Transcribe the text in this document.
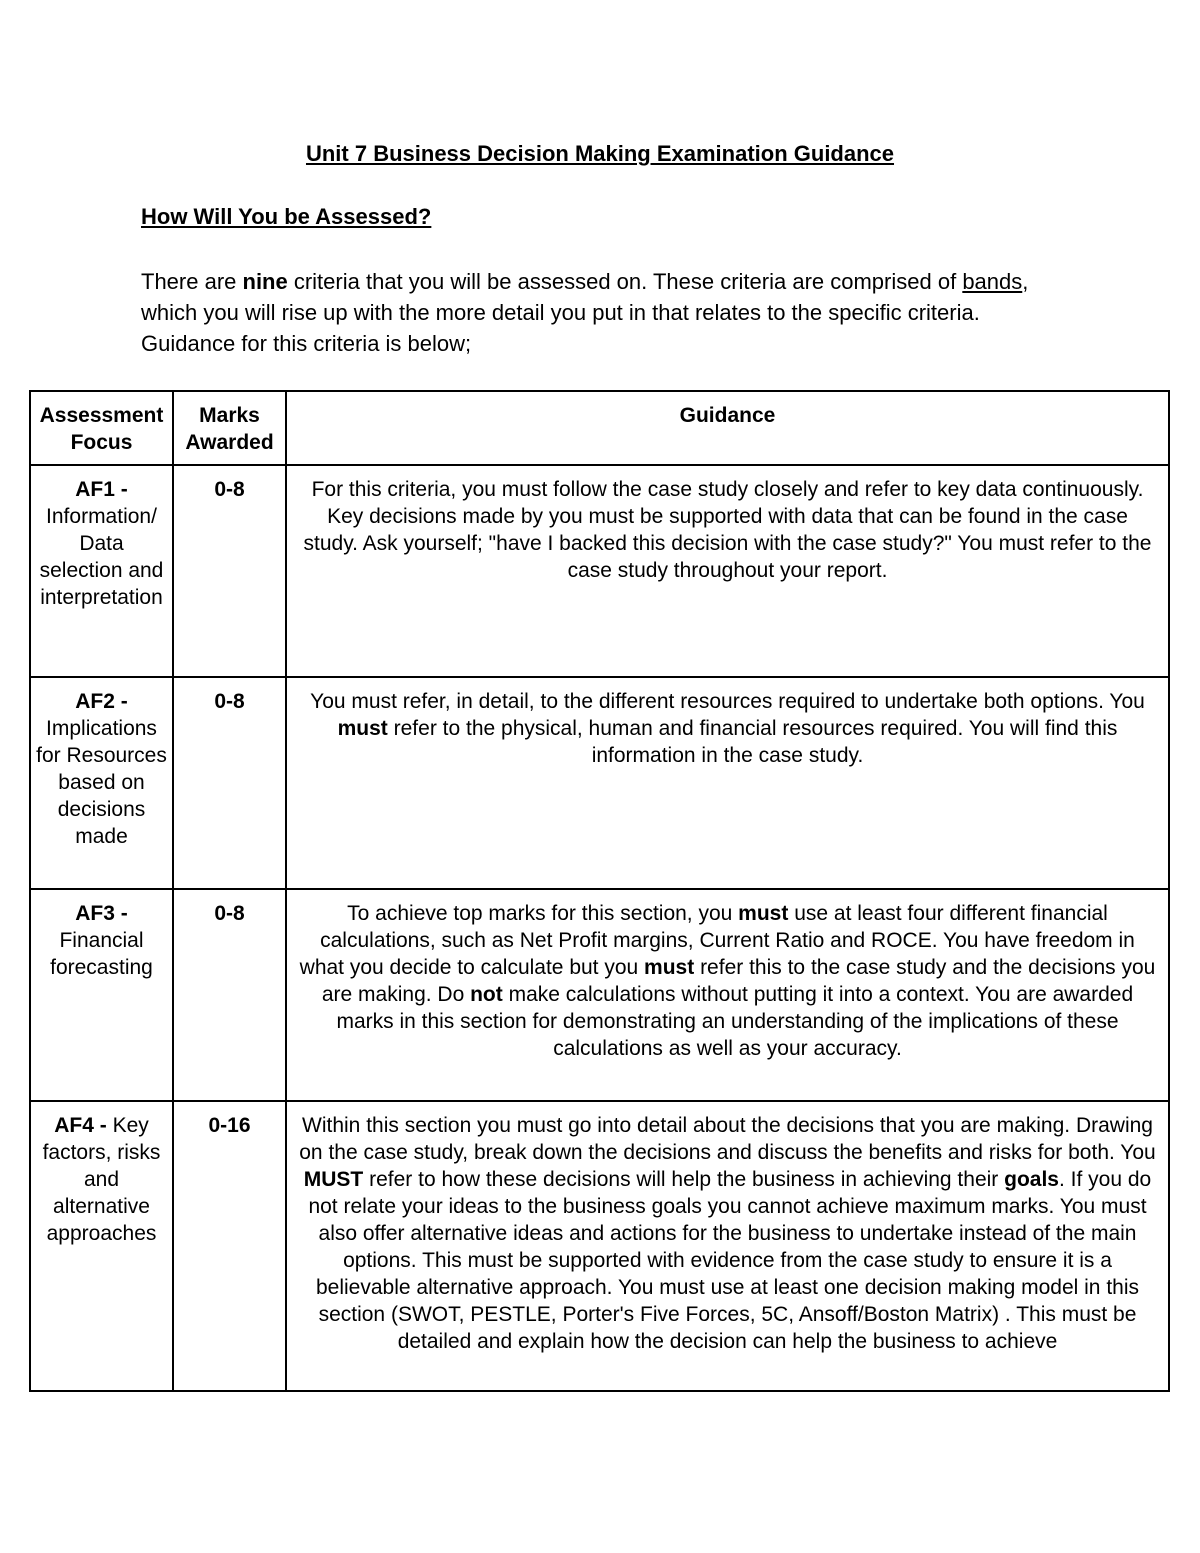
Unit 7 Business Decision Making Examination Guidance
How Will You be Assessed?

There are nine criteria that you will be assessed on. These criteria are comprised of bands, which you will rise up with the more detail you put in that relates to the specific criteria. Guidance for this criteria is below;

Assessment Focus	Marks Awarded	Guidance
AF1 - Information/ Data selection and interpretation	0-8	For this criteria, you must follow the case study closely and refer to key data continuously. Key decisions made by you must be supported with data that can be found in the case study. Ask yourself; "have I backed this decision with the case study?" You must refer to the case study throughout your report.
AF2 - Implications for Resources based on decisions made	0-8	You must refer, in detail, to the different resources required to undertake both options. You must refer to the physical, human and financial resources required. You will find this information in the case study.
AF3 - Financial forecasting	0-8	To achieve top marks for this section, you must use at least four different financial calculations, such as Net Profit margins, Current Ratio and ROCE. You have freedom in what you decide to calculate but you must refer this to the case study and the decisions you are making. Do not make calculations without putting it into a context. You are awarded marks in this section for demonstrating an understanding of the implications of these calculations as well as your accuracy.
AF4 - Key factors, risks and alternative approaches	0-16	Within this section you must go into detail about the decisions that you are making. Drawing on the case study, break down the decisions and discuss the benefits and risks for both. You MUST refer to how these decisions will help the business in achieving their goals. If you do not relate your ideas to the business goals you cannot achieve maximum marks. You must also offer alternative ideas and actions for the business to undertake instead of the main options. This must be supported with evidence from the case study to ensure it is a believable alternative approach. You must use at least one decision making model in this section (SWOT, PESTLE, Porter's Five Forces, 5C, Ansoff/Boston Matrix) . This must be detailed and explain how the decision can help the business to achieve
